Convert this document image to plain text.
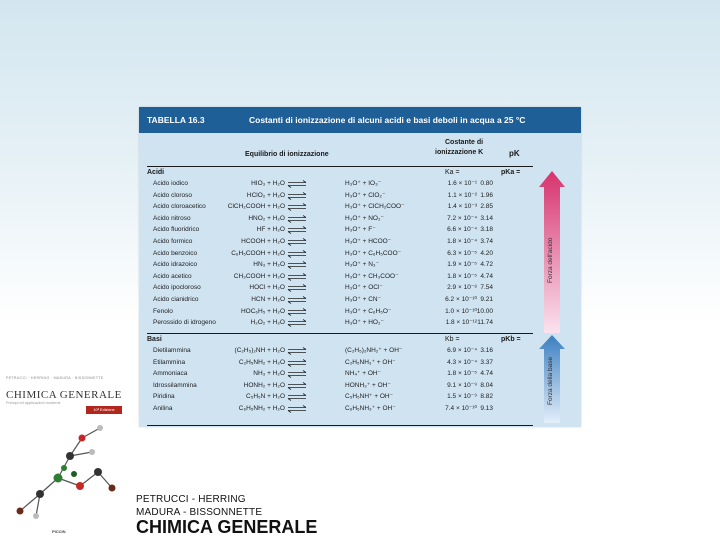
TABELLA 16.3	Costanti di ionizzazione di alcuni acidi e basi deboli in acqua a 25 °C
Equilibrio di ionizzazione
Costante di
ionizzazione K	pK
Acidi	Ka =	pKa =
Acido iodico	HIO₃ + H₂O	H₃O⁺ + IO₃⁻	1.6 × 10⁻¹ 0.80
Acido cloroso	HClO₂ + H₂O	H₃O⁺ + ClO₂⁻	1.1 × 10⁻² 1.96
Acido cloroacetico	ClCH₂COOH + H₂O	H₃O⁺ + ClCH₂COO⁻	1.4 × 10⁻³ 2.85
Acido nitroso	HNO₂ + H₂O	H₃O⁺ + NO₂⁻	7.2 × 10⁻⁴ 3.14
Acido fluoridrico	HF + H₂O	H₃O⁺ + F⁻	6.6 × 10⁻⁴ 3.18
Acido formico	HCOOH + H₂O	H₃O⁺ + HCOO⁻	1.8 × 10⁻⁴ 3.74
Acido benzoico	C₆H₅COOH + H₂O	H₃O⁺ + C₆H₅COO⁻	6.3 × 10⁻⁵ 4.20
Acido idrazoico	HN₃ + H₂O	H₃O⁺ + N₃⁻	1.9 × 10⁻⁵ 4.72
Acido acetico	CH₃COOH + H₂O	H₃O⁺ + CH₃COO⁻	1.8 × 10⁻⁵ 4.74
Acido ipocloroso	HOCl + H₂O	H₃O⁺ + OCl⁻	2.9 × 10⁻⁸ 7.54
Acido cianidrico	HCN + H₂O	H₃O⁺ + CN⁻	6.2 × 10⁻¹⁰ 9.21
Fenolo	HOC₆H₅ + H₂O	H₃O⁺ + C₆H₅O⁻	1.0 × 10⁻¹⁰ 10.00
Perossido di idrogeno	H₂O₂ + H₂O	H₃O⁺ + HO₂⁻	1.8 × 10⁻¹² 11.74
Basi	Kb =	pKb =
Dietilammina	(C₂H₅)₂NH + H₂O	(C₂H₅)₂NH₂⁺ + OH⁻	6.9 × 10⁻⁴ 3.16
Etilammina	C₂H₅NH₂ + H₂O	C₂H₅NH₃⁺ + OH⁻	4.3 × 10⁻⁴ 3.37
Ammoniaca	NH₃ + H₂O	NH₄⁺ + OH⁻	1.8 × 10⁻⁵ 4.74
Idrossilammina	HONH₂ + H₂O	HONH₃⁺ + OH⁻	9.1 × 10⁻⁹ 8.04
Piridina	C₅H₅N + H₂O	C₅H₅NH⁺ + OH⁻	1.5 × 10⁻⁹ 8.82
Anilina	C₆H₅NH₂ + H₂O	C₆H₅NH₃⁺ + OH⁻	7.4 × 10⁻¹⁰ 9.13
Forza dell'acido
Forza della base
PETRUCCI · HERRING · MADURA · BISSONNETTE
CHIMICA GENERALE
Principi ed applicazioni moderne
10ª Edizione
PICCIN
PETRUCCI - HERRING
MADURA - BISSONNETTE
CHIMICA GENERALE
